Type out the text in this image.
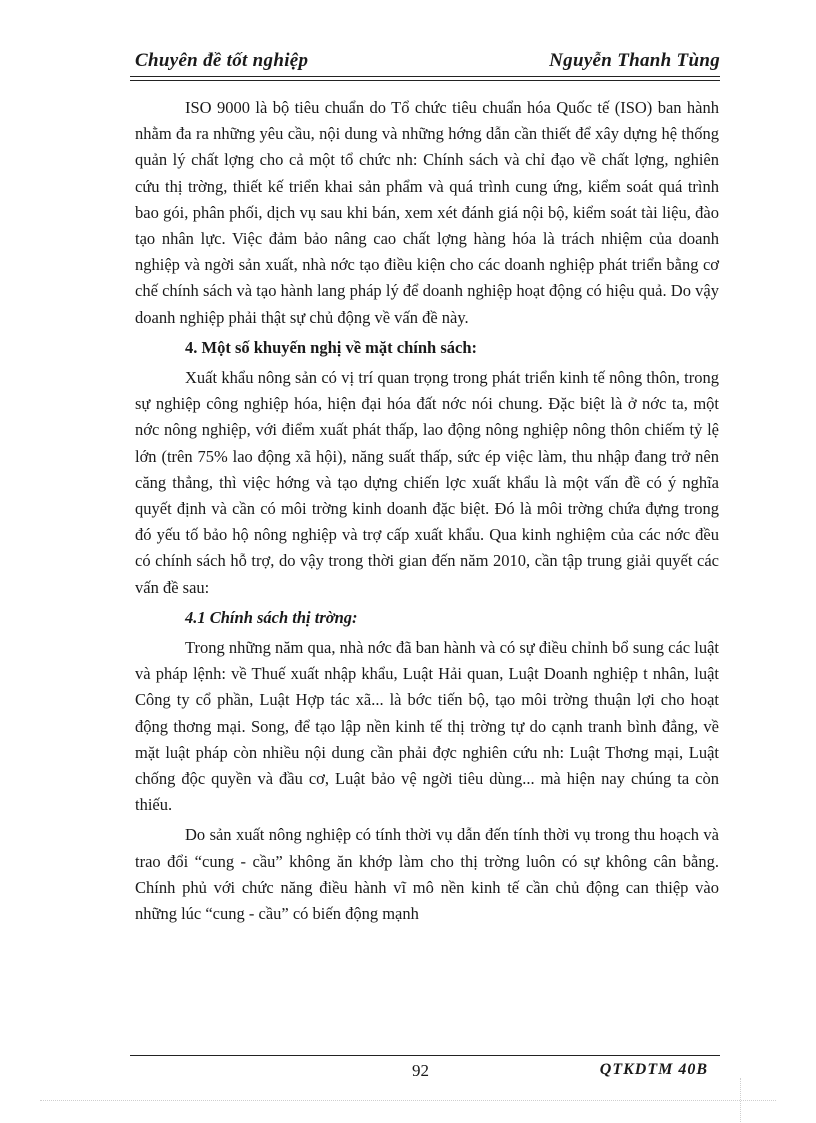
Chuyên đề tốt nghiệp	Nguyễn Thanh Tùng

ISO 9000 là bộ tiêu chuẩn do Tổ chức tiêu chuẩn hóa Quốc tế (ISO) ban hành nhằm đa ra những yêu cầu, nội dung và những hớng dẫn cần thiết để xây dựng hệ thống quản lý chất lợng cho cả một tổ chức nh: Chính sách và chỉ đạo về chất lợng, nghiên cứu thị trờng, thiết kế triển khai sản phẩm và quá trình cung ứng, kiểm soát quá trình bao gói, phân phối, dịch vụ sau khi bán, xem xét đánh giá nội bộ, kiểm soát tài liệu, đào tạo nhân lực. Việc đảm bảo nâng cao chất lợng hàng hóa là trách nhiệm của doanh nghiệp và ngời sản xuất, nhà nớc tạo điều kiện cho các doanh nghiệp phát triển bằng cơ chế chính sách và tạo hành lang pháp lý để doanh nghiệp hoạt động có hiệu quả. Do vậy doanh nghiệp phải thật sự chủ động về vấn đề này.

4. Một số khuyến nghị về mặt chính sách:

Xuất khẩu nông sản có vị trí quan trọng trong phát triển kinh tế nông thôn, trong sự nghiệp công nghiệp hóa, hiện đại hóa đất nớc nói chung. Đặc biệt là ở nớc ta, một nớc nông nghiệp, với điểm xuất phát thấp, lao động nông nghiệp nông thôn chiếm tỷ lệ lớn (trên 75% lao động xã hội), năng suất thấp, sức ép việc làm, thu nhập đang trở nên căng thẳng, thì việc hớng và tạo dựng chiến lợc xuất khẩu là một vấn đề có ý nghĩa quyết định và cần có môi trờng kinh doanh đặc biệt. Đó là môi trờng chứa đựng trong đó yếu tố bảo hộ nông nghiệp và trợ cấp xuất khẩu. Qua kinh nghiệm của các nớc đều có chính sách hỗ trợ, do vậy trong thời gian đến năm 2010, cần tập trung giải quyết các vấn đề sau:

4.1 Chính sách thị trờng:

Trong những năm qua, nhà nớc đã ban hành và có sự điều chỉnh bổ sung các luật và pháp lệnh: về Thuế xuất nhập khẩu, Luật Hải quan, Luật Doanh nghiệp t nhân, luật Công ty cổ phần, Luật Hợp tác xã... là bớc tiến bộ, tạo môi trờng thuận lợi cho hoạt động thơng mại. Song, để tạo lập nền kinh tế thị trờng tự do cạnh tranh bình đẳng, về mặt luật pháp còn nhiều nội dung cần phải đợc nghiên cứu nh: Luật Thơng mại, Luật chống độc quyền và đầu cơ, Luật bảo vệ ngời tiêu dùng... mà hiện nay chúng ta còn thiếu.

Do sản xuất nông nghiệp có tính thời vụ dẫn đến tính thời vụ trong thu hoạch và trao đổi “cung - cầu” không ăn khớp làm cho thị trờng luôn có sự không cân bằng. Chính phủ với chức năng điều hành vĩ mô nền kinh tế cần chủ động can thiệp vào những lúc “cung - cầu” có biến động mạnh

92	QTKDTM 40B
